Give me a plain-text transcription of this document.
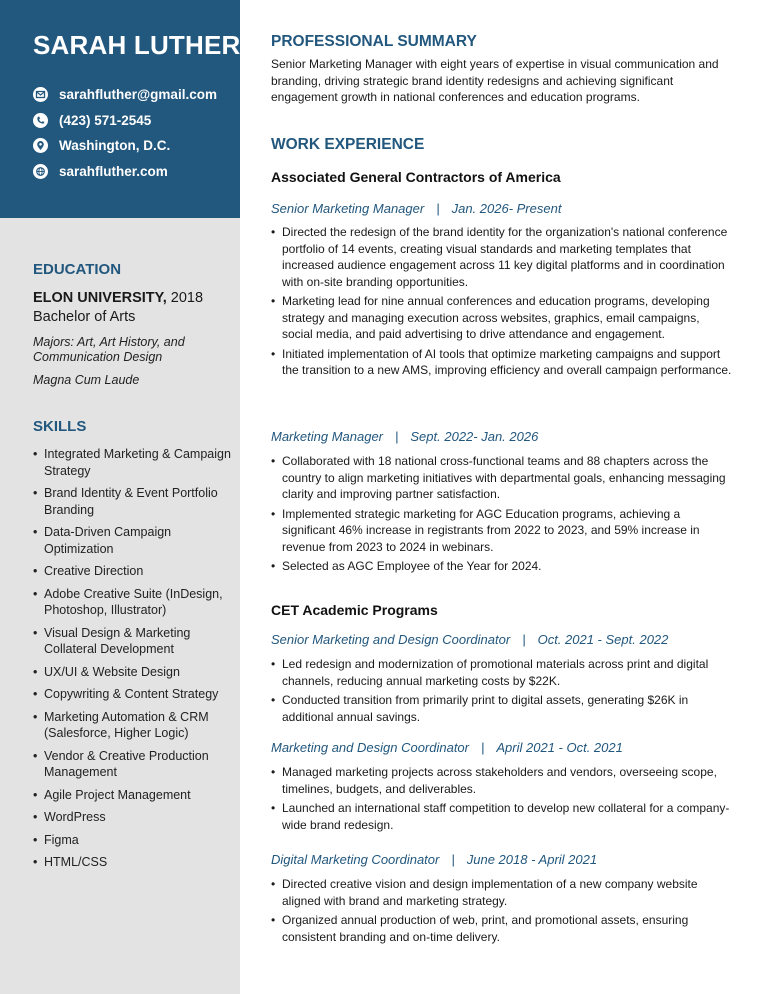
SARAH LUTHER
sarahfluther@gmail.com
(423) 571-2545
Washington, D.C.
sarahfluther.com
EDUCATION
ELON UNIVERSITY, 2018
Bachelor of Arts
Majors: Art, Art History, and Communication Design
Magna Cum Laude
SKILLS
• Integrated Marketing & Campaign Strategy
• Brand Identity & Event Portfolio Branding
• Data-Driven Campaign Optimization
• Creative Direction
• Adobe Creative Suite (InDesign, Photoshop, Illustrator)
• Visual Design & Marketing Collateral Development
• UX/UI & Website Design
• Copywriting & Content Strategy
• Marketing Automation & CRM (Salesforce, Higher Logic)
• Vendor & Creative Production Management
• Agile Project Management
• WordPress
• Figma
• HTML/CSS
PROFESSIONAL SUMMARY
Senior Marketing Manager with eight years of expertise in visual communication and branding, driving strategic brand identity redesigns and achieving significant engagement growth in national conferences and education programs.
WORK EXPERIENCE
Associated General Contractors of America
Senior Marketing Manager | Jan. 2026- Present
• Directed the redesign of the brand identity for the organization's national conference portfolio of 14 events, creating visual standards and marketing templates that increased audience engagement across 11 key digital platforms and in coordination with on-site branding opportunities.
• Marketing lead for nine annual conferences and education programs, developing strategy and managing execution across websites, graphics, email campaigns, social media, and paid advertising to drive attendance and engagement.
• Initiated implementation of AI tools that optimize marketing campaigns and support the transition to a new AMS, improving efficiency and overall campaign performance.
Marketing Manager | Sept. 2022- Jan. 2026
• Collaborated with 18 national cross-functional teams and 88 chapters across the country to align marketing initiatives with departmental goals, enhancing messaging clarity and improving partner satisfaction.
• Implemented strategic marketing for AGC Education programs, achieving a significant 46% increase in registrants from 2022 to 2023, and 59% increase in revenue from 2023 to 2024 in webinars.
• Selected as AGC Employee of the Year for 2024.
CET Academic Programs
Senior Marketing and Design Coordinator | Oct. 2021 - Sept. 2022
• Led redesign and modernization of promotional materials across print and digital channels, reducing annual marketing costs by $22K.
• Conducted transition from primarily print to digital assets, generating $26K in additional annual savings.
Marketing and Design Coordinator | April 2021 - Oct. 2021
• Managed marketing projects across stakeholders and vendors, overseeing scope, timelines, budgets, and deliverables.
• Launched an international staff competition to develop new collateral for a company-wide brand redesign.
Digital Marketing Coordinator | June 2018 - April 2021
• Directed creative vision and design implementation of a new company website aligned with brand and marketing strategy.
• Organized annual production of web, print, and promotional assets, ensuring consistent branding and on-time delivery.
